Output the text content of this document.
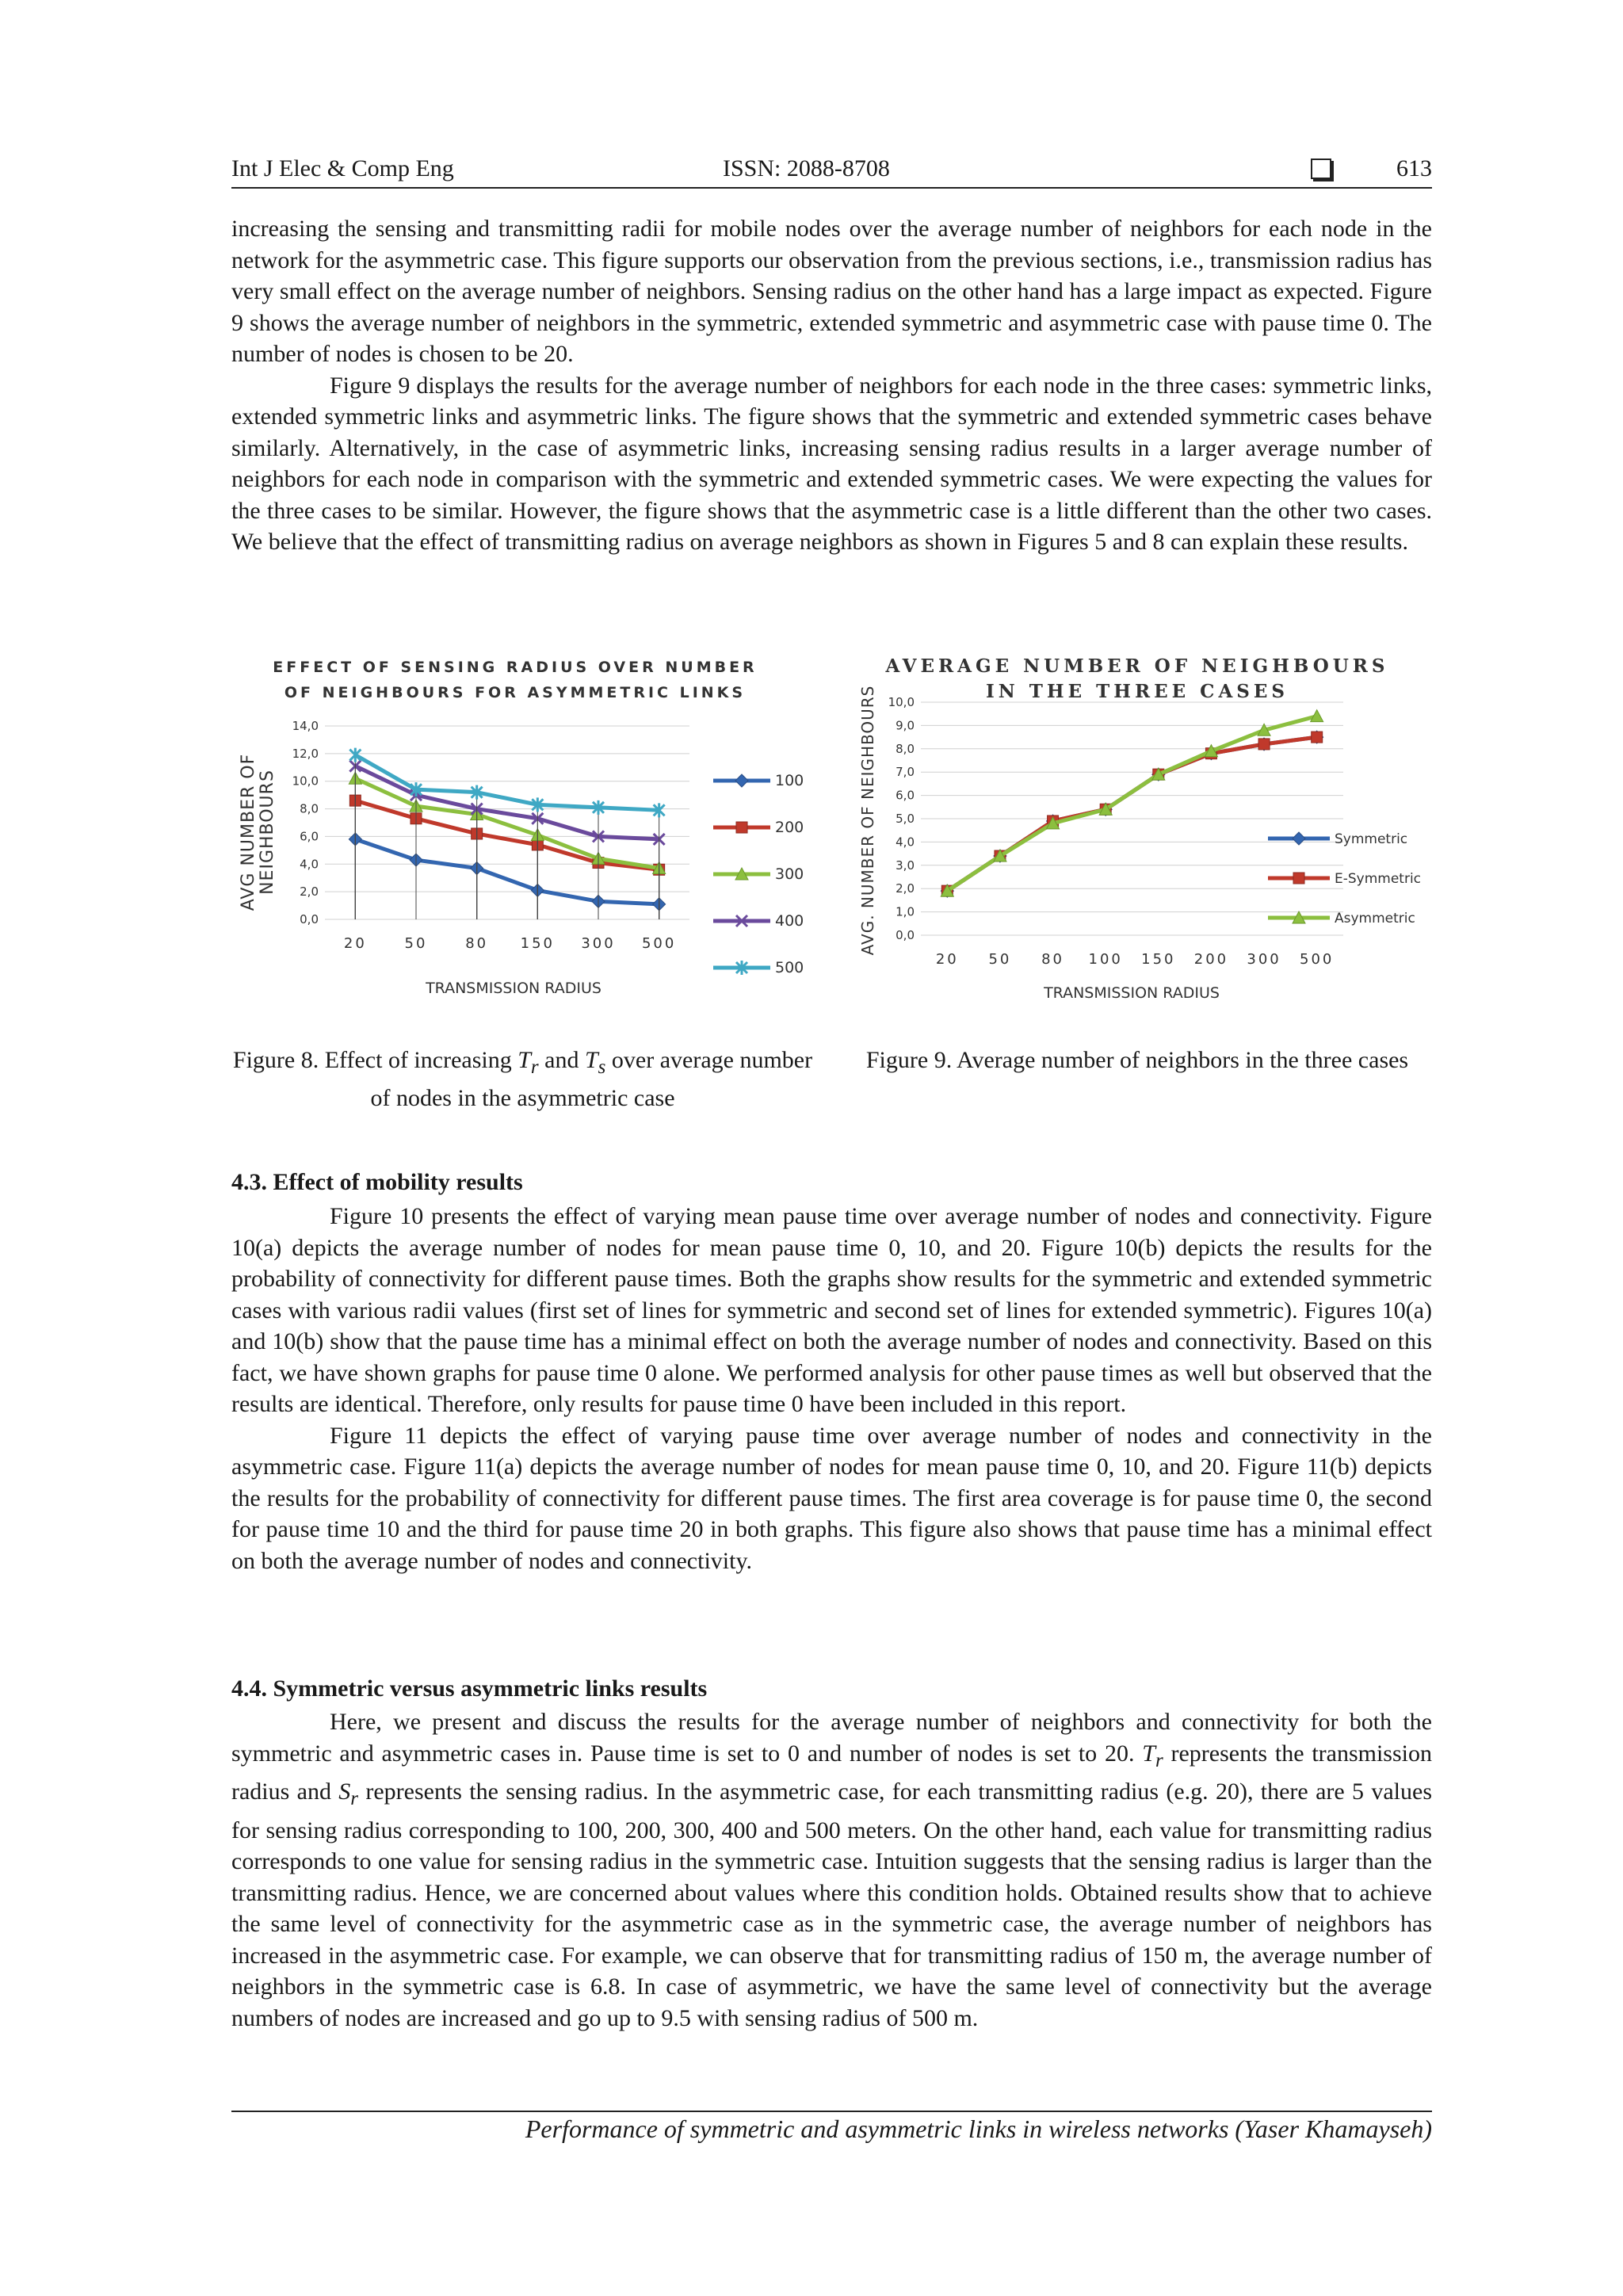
Int J Elec & Comp Eng	ISSN: 2088-8708	613

increasing the sensing and transmitting radii for mobile nodes over the average number of neighbors for each node in the network for the asymmetric case. This figure supports our observation from the previous sections, i.e., transmission radius has very small effect on the average number of neighbors. Sensing radius on the other hand has a large impact as expected. Figure 9 shows the average number of neighbors in the symmetric, extended symmetric and asymmetric case with pause time 0. The number of nodes is chosen to be 20.

Figure 9 displays the results for the average number of neighbors for each node in the three cases: symmetric links, extended symmetric links and asymmetric links. The figure shows that the symmetric and extended symmetric cases behave similarly. Alternatively, in the case of asymmetric links, increasing sensing radius results in a larger average number of neighbors for each node in comparison with the symmetric and extended symmetric cases. We were expecting the values for the three cases to be similar. However, the figure shows that the asymmetric case is a little different than the other two cases. We believe that the effect of transmitting radius on average neighbors as shown in Figures 5 and 8 can explain these results.

EFFECT OF SENSING RADIUS OVER NUMBER
OF NEIGHBOURS FOR ASYMMETRIC LINKS
0,0
2,0
4,0
6,0
8,0
10,0
12,0
14,0
20	50	80 150 300 500
TRANSMISSION RADIUS
AVG NUMBER OF NEIGHBOURS	100
200
300
400
500
AVERAGE NUMBER OF NEIGHBOURS
IN THE THREE CASES
0,0
1,0
2,0
3,0
4,0
5,0
6,0
7,0
8,0
9,0
10,0
20 50 80 100 150 200 300 500
TRANSMISSION RADIUS
AVG. NUMBER OF NEIGHBOURS	Symmetric
E-Symmetric
Asymmetric
Figure 8. Effect of increasing $T_r$ and $T_s$ over average number of nodes in the asymmetric case
Figure 9. Average number of neighbors in the three cases
4.3. Effect of mobility results

Figure 10 presents the effect of varying mean pause time over average number of nodes and connectivity. Figure 10(a) depicts the average number of nodes for mean pause time 0, 10, and 20. Figure 10(b) depicts the results for the probability of connectivity for different pause times. Both the graphs show results for the symmetric and extended symmetric cases with various radii values (first set of lines for symmetric and second set of lines for extended symmetric). Figures 10(a) and 10(b) show that the pause time has a minimal effect on both the average number of nodes and connectivity. Based on this fact, we have shown graphs for pause time 0 alone. We performed analysis for other pause times as well but observed that the results are identical. Therefore, only results for pause time 0 have been included in this report.

Figure 11 depicts the effect of varying pause time over average number of nodes and connectivity in the asymmetric case. Figure 11(a) depicts the average number of nodes for mean pause time 0, 10, and 20. Figure 11(b) depicts the results for the probability of connectivity for different pause times. The first area coverage is for pause time 0, the second for pause time 10 and the third for pause time 20 in both graphs. This figure also shows that pause time has a minimal effect on both the average number of nodes and connectivity.

4.4. Symmetric versus asymmetric links results

Here, we present and discuss the results for the average number of neighbors and connectivity for both the symmetric and asymmetric cases in. Pause time is set to 0 and number of nodes is set to 20. $T_r$ represents the transmission radius and $S_r$ represents the sensing radius. In the asymmetric case, for each transmitting radius (e.g. 20), there are 5 values for sensing radius corresponding to 100, 200, 300, 400 and 500 meters. On the other hand, each value for transmitting radius corresponds to one value for sensing radius in the symmetric case. Intuition suggests that the sensing radius is larger than the transmitting radius. Hence, we are concerned about values where this condition holds. Obtained results show that to achieve the same level of connectivity for the asymmetric case as in the symmetric case, the average number of neighbors has increased in the asymmetric case. For example, we can observe that for transmitting radius of 150 m, the average number of neighbors in the symmetric case is 6.8. In case of asymmetric, we have the same level of connectivity but the average numbers of nodes are increased and go up to 9.5 with sensing radius of 500 m.

Performance of symmetric and asymmetric links in wireless networks (Yaser Khamayseh)
